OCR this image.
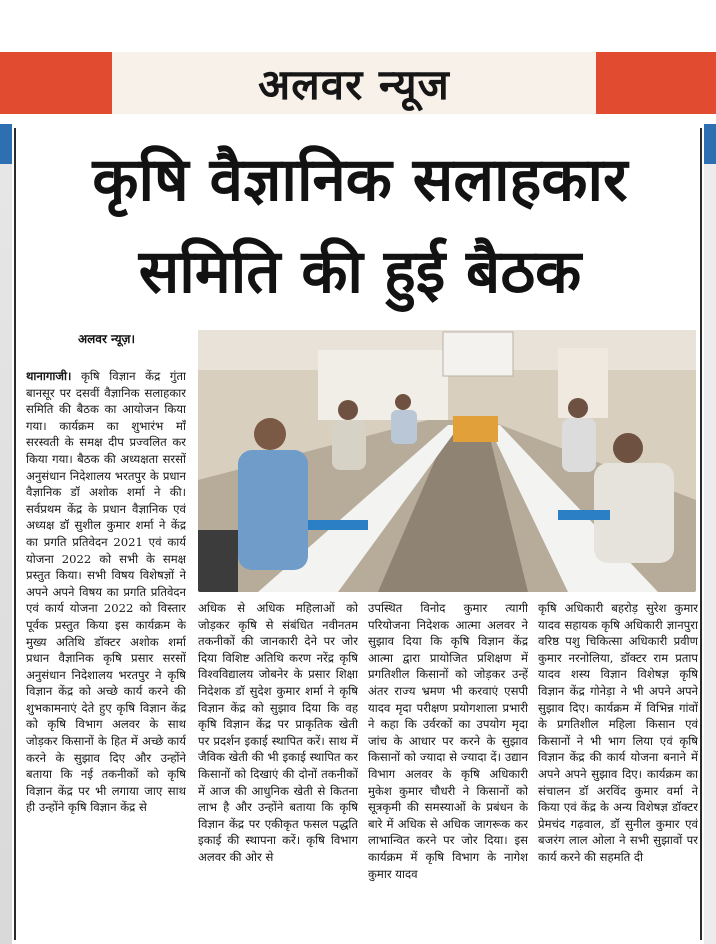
अलवर न्यूज
कृषि वैज्ञानिक सलाहकार
समिति की हुई बैठक
अलवर न्यूज़।
थानागाजी। कृषि विज्ञान केंद्र गुंता बानसूर पर दसवीं वैज्ञानिक सलाहकार समिति की बैठक का आयोजन किया गया। कार्यक्रम का शुभारंभ माँ सरस्वती के समक्ष दीप प्रज्वलित कर किया गया। बैठक की अध्यक्षता सरसों अनुसंधान निदेशालय भरतपुर के प्रधान वैज्ञानिक डॉ अशोक शर्मा ने की। सर्वप्रथम केंद्र के प्रधान वैज्ञानिक एवं अध्यक्ष डॉ सुशील कुमार शर्मा ने केंद्र का प्रगति प्रतिवेदन 2021 एवं कार्य योजना 2022 को सभी के समक्ष प्रस्तुत किया। सभी विषय विशेषज्ञों ने अपने अपने विषय का प्रगति प्रतिवेदन एवं कार्य योजना 2022 को विस्तार पूर्वक प्रस्तुत किया इस कार्यक्रम के मुख्य अतिथि डॉक्टर अशोक शर्मा प्रधान वैज्ञानिक कृषि प्रसार सरसों अनुसंधान निदेशालय भरतपुर ने कृषि विज्ञान केंद्र को अच्छे कार्य करने की शुभकामनाएं देते हुए कृषि विज्ञान केंद्र को कृषि विभाग अलवर के साथ जोड़कर किसानों के हित में अच्छे कार्य करने के सुझाव दिए और उन्होंने बताया कि नई तकनीकों को कृषि विज्ञान केंद्र पर भी लगाया जाए साथ ही उन्होंने कृषि विज्ञान केंद्र से
अधिक से अधिक महिलाओं को जोड़कर कृषि से संबंधित नवीनतम तकनीकों की जानकारी देने पर जोर दिया विशिष्ट अतिथि करण नरेंद्र कृषि विश्वविद्यालय जोबनेर के प्रसार शिक्षा निदेशक डॉ सुदेश कुमार शर्मा ने कृषि विज्ञान केंद्र को सुझाव दिया कि वह कृषि विज्ञान केंद्र पर प्राकृतिक खेती पर प्रदर्शन इकाई स्थापित करें। साथ में जैविक खेती की भी इकाई स्थापित कर किसानों को दिखाएं की दोनों तकनीकों में आज की आधुनिक खेती से कितना लाभ है और उन्होंने बताया कि कृषि विज्ञान केंद्र पर एकीकृत फसल पद्धति इकाई की स्थापना करें। कृषि विभाग अलवर की ओर से
उपस्थित विनोद कुमार त्यागी परियोजना निदेशक आत्मा अलवर ने सुझाव दिया कि कृषि विज्ञान केंद्र आत्मा द्वारा प्रायोजित प्रशिक्षण में प्रगतिशील किसानों को जोड़कर उन्हें अंतर राज्य भ्रमण भी करवाएं एसपी यादव मृदा परीक्षण प्रयोगशाला प्रभारी ने कहा कि उर्वरकों का उपयोग मृदा जांच के आधार पर करने के सुझाव किसानों को ज्यादा से ज्यादा दें। उद्यान विभाग अलवर के कृषि अधिकारी मुकेश कुमार चौधरी ने किसानों को सूत्रकृमी की समस्याओं के प्रबंधन के बारे में अधिक से अधिक जागरूक कर लाभान्वित करने पर जोर दिया। इस कार्यक्रम में कृषि विभाग के नागेश कुमार यादव
कृषि अधिकारी बहरोड़ सुरेश कुमार यादव सहायक कृषि अधिकारी ज्ञानपुरा वरिष्ठ पशु चिकित्सा अधिकारी प्रवीण कुमार नरनोलिया, डॉक्टर राम प्रताप यादव शस्य विज्ञान विशेषज्ञ कृषि विज्ञान केंद्र गोनेड़ा ने भी अपने अपने सुझाव दिए। कार्यक्रम में विभिन्न गांवों के प्रगतिशील महिला किसान एवं किसानों ने भी भाग लिया एवं कृषि विज्ञान केंद्र की कार्य योजना बनाने में अपने अपने सुझाव दिए। कार्यक्रम का संचालन डॉ अरविंद कुमार वर्मा ने किया एवं केंद्र के अन्य विशेषज्ञ डॉक्टर प्रेमचंद गढ़वाल, डॉ सुनील कुमार एवं बजरंग लाल ओला ने सभी सुझावों पर कार्य करने की सहमति दी
